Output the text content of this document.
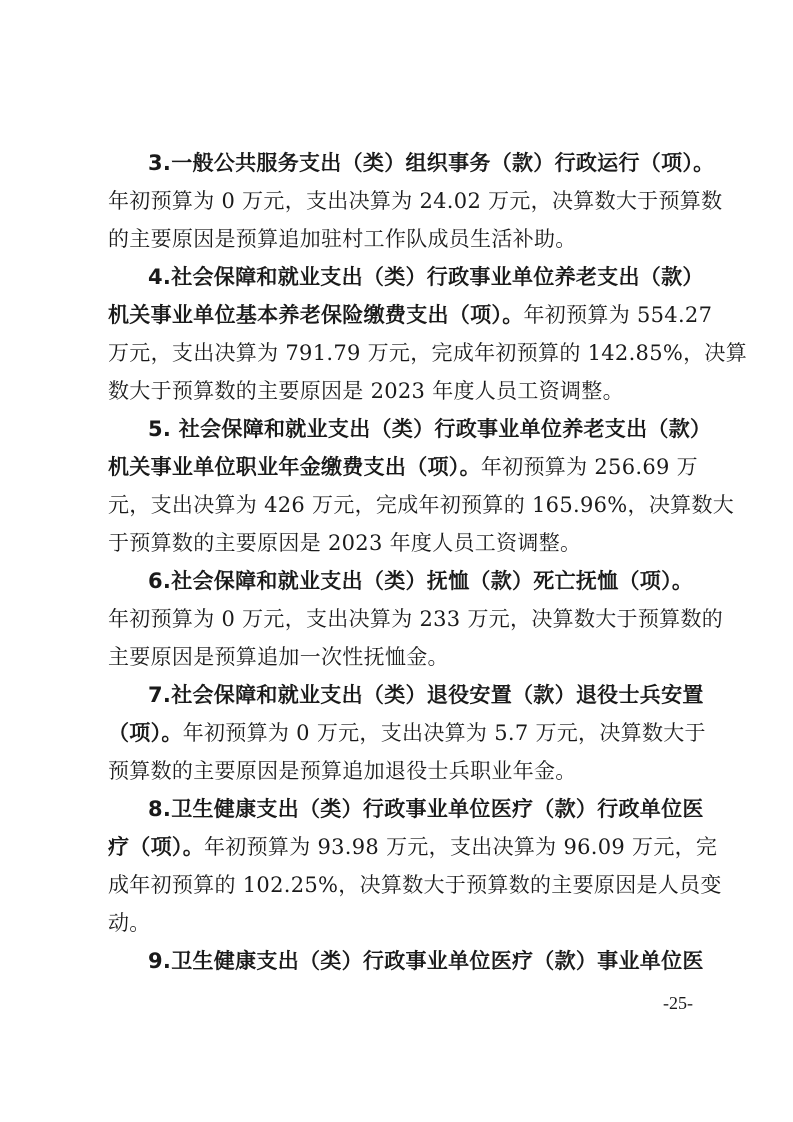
3.一般公共服务支出（类）组织事务（款）行政运行（项）。
年初预算为 0 万元，支出决算为 24.02 万元，决算数大于预算数
的主要原因是预算追加驻村工作队成员生活补助。
4.社会保障和就业支出（类）行政事业单位养老支出（款）
机关事业单位基本养老保险缴费支出（项）。年初预算为 554.27
万元，支出决算为 791.79 万元，完成年初预算的 142.85%，决算
数大于预算数的主要原因是 2023 年度人员工资调整。
5. 社会保障和就业支出（类）行政事业单位养老支出（款）
机关事业单位职业年金缴费支出（项）。年初预算为 256.69 万
元，支出决算为 426 万元，完成年初预算的 165.96%，决算数大
于预算数的主要原因是 2023 年度人员工资调整。
6.社会保障和就业支出（类）抚恤（款）死亡抚恤（项）。
年初预算为 0 万元，支出决算为 233 万元，决算数大于预算数的
主要原因是预算追加一次性抚恤金。
7.社会保障和就业支出（类）退役安置（款）退役士兵安置
（项）。年初预算为 0 万元，支出决算为 5.7 万元，决算数大于
预算数的主要原因是预算追加退役士兵职业年金。
8.卫生健康支出（类）行政事业单位医疗（款）行政单位医
疗（项）。年初预算为 93.98 万元，支出决算为 96.09 万元，完
成年初预算的 102.25%，决算数大于预算数的主要原因是人员变
动。
9.卫生健康支出（类）行政事业单位医疗（款）事业单位医
-25-
